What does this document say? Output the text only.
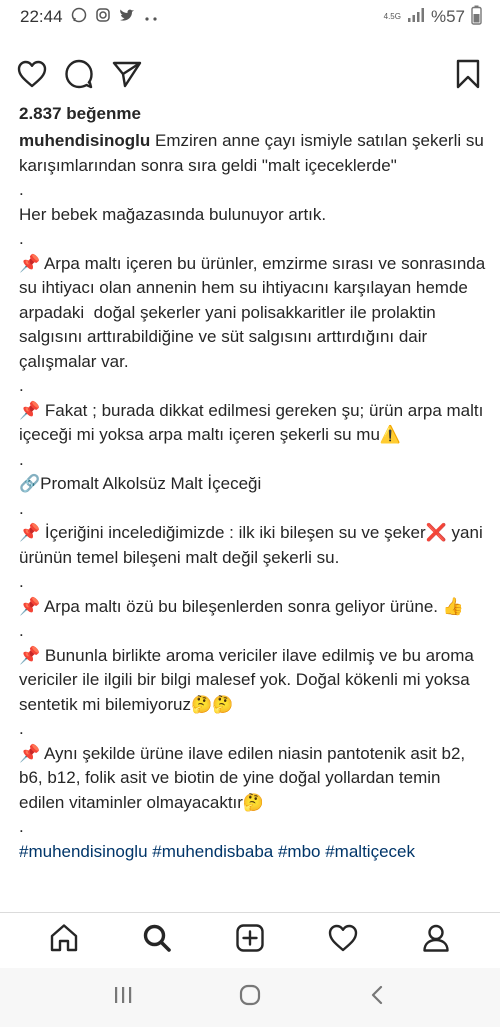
22:44	4.5G %57
2.837 beğenme

muhendisinoglu Emziren anne çayı ismiyle satılan şekerli su karışımlarından sonra sıra geldi "malt içeceklerde"

.

Her bebek mağazasında bulunuyor artık.

.

📌 Arpa maltı içeren bu ürünler, emzirme sırası ve sonrasında su ihtiyacı olan annenin hem su ihtiyacını karşılayan hemde arpadaki  doğal şekerler yani polisakkaritler ile prolaktin salgısını arttırabildiğine ve süt salgısını arttırdığını dair çalışmalar var.

.

📌 Fakat ; burada dikkat edilmesi gereken şu; ürün arpa maltı içeceği mi yoksa arpa maltı içeren şekerli su mu⚠️

.

🔗Promalt Alkolsüz Malt İçeceği

.

📌 İçeriğini incelediğimizde : ilk iki bileşen su ve şeker❌ yani ürünün temel bileşeni malt değil şekerli su.

.

📌 Arpa maltı özü bu bileşenlerden sonra geliyor ürüne. 👍

.

📌 Bununla birlikte aroma vericiler ilave edilmiş ve bu aroma vericiler ile ilgili bir bilgi malesef yok. Doğal kökenli mi yoksa sentetik mi bilemiyoruz🤔🤔

.

📌 Aynı şekilde ürüne ilave edilen niasin pantotenik asit b2, b6, b12, folik asit ve biotin de yine doğal yollardan temin edilen vitaminler olmayacaktır🤔

.

#muhendisinoglu #muhendisbaba #mbo #maltiçecek
